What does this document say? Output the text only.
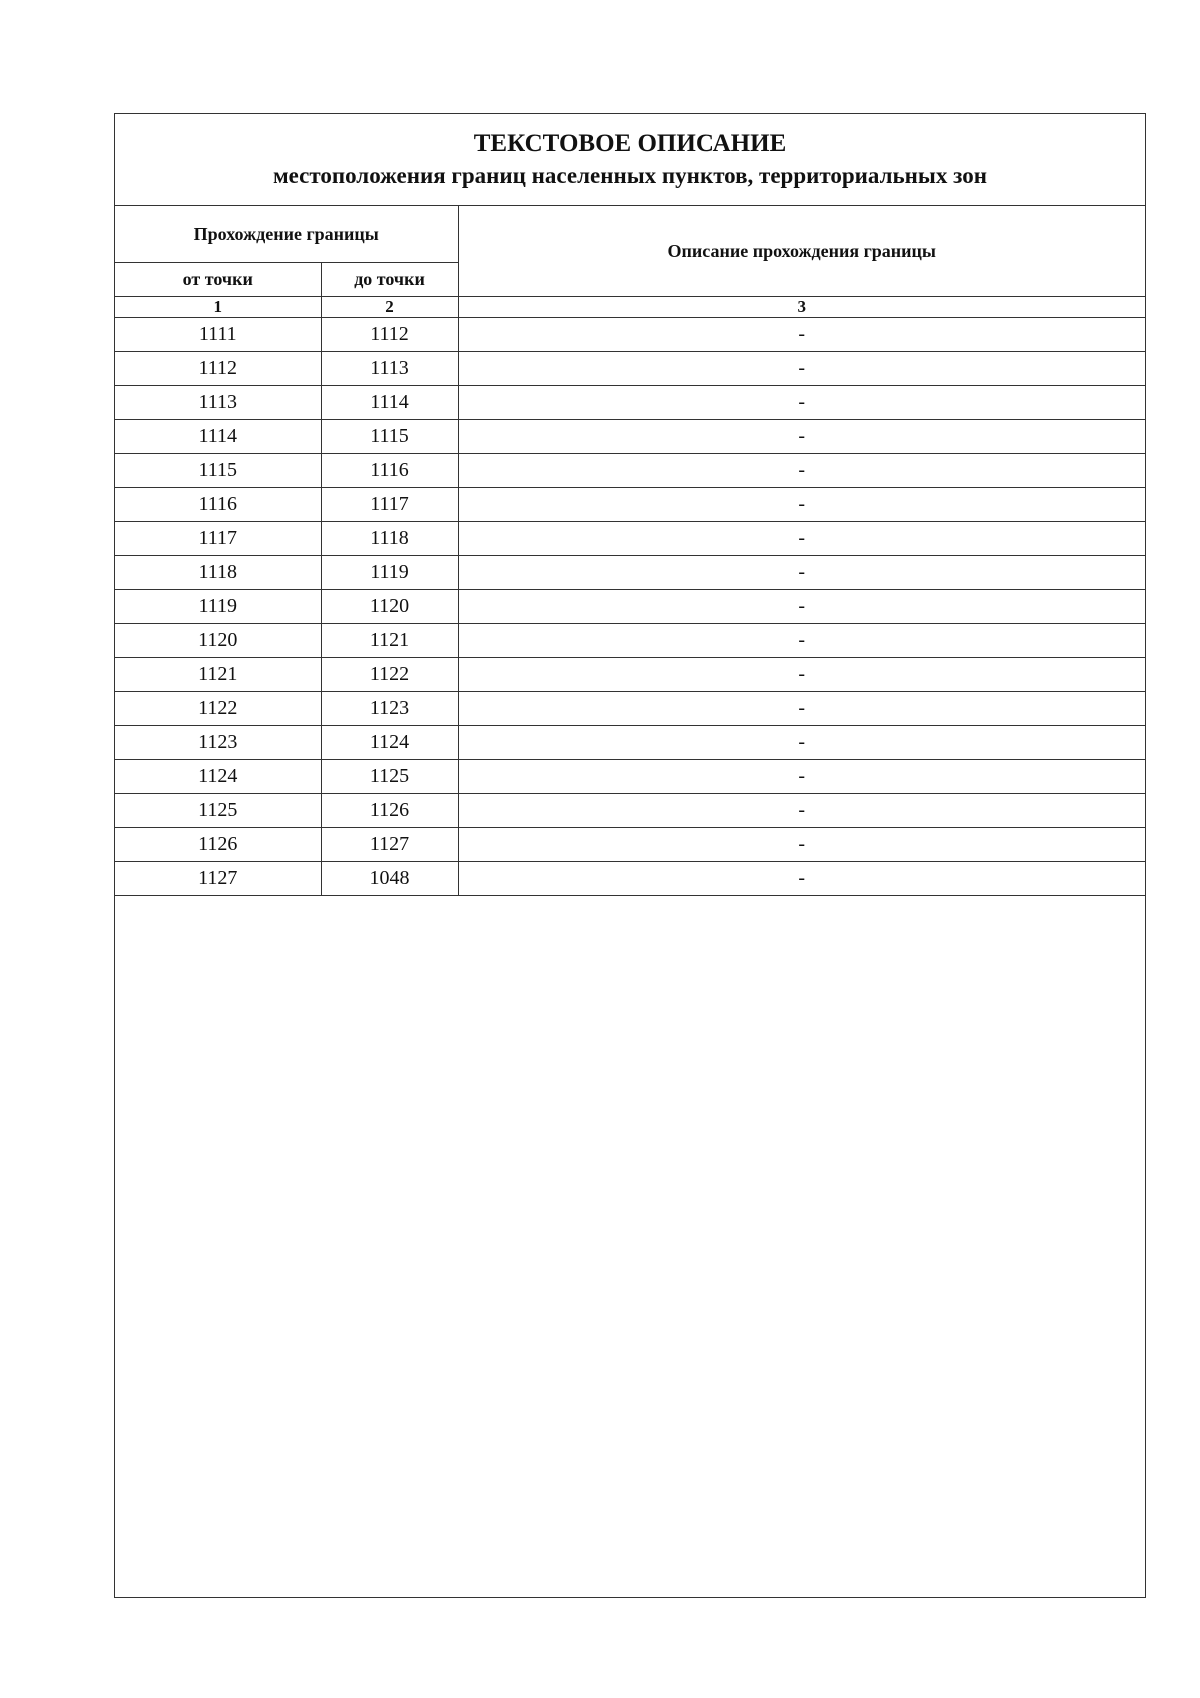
ТЕКСТОВОЕ ОПИСАНИЕ
местоположения границ населенных пунктов, территориальных зон
Прохождение границы		Описание прохождения границы
от точки	до точки	
1	2	3
1111	1112	-
1112	1113	-
1113	1114	-
1114	1115	-
1115	1116	-
1116	1117	-
1117	1118	-
1118	1119	-
1119	1120	-
1120	1121	-
1121	1122	-
1122	1123	-
1123	1124	-
1124	1125	-
1125	1126	-
1126	1127	-
1127	1048	-
